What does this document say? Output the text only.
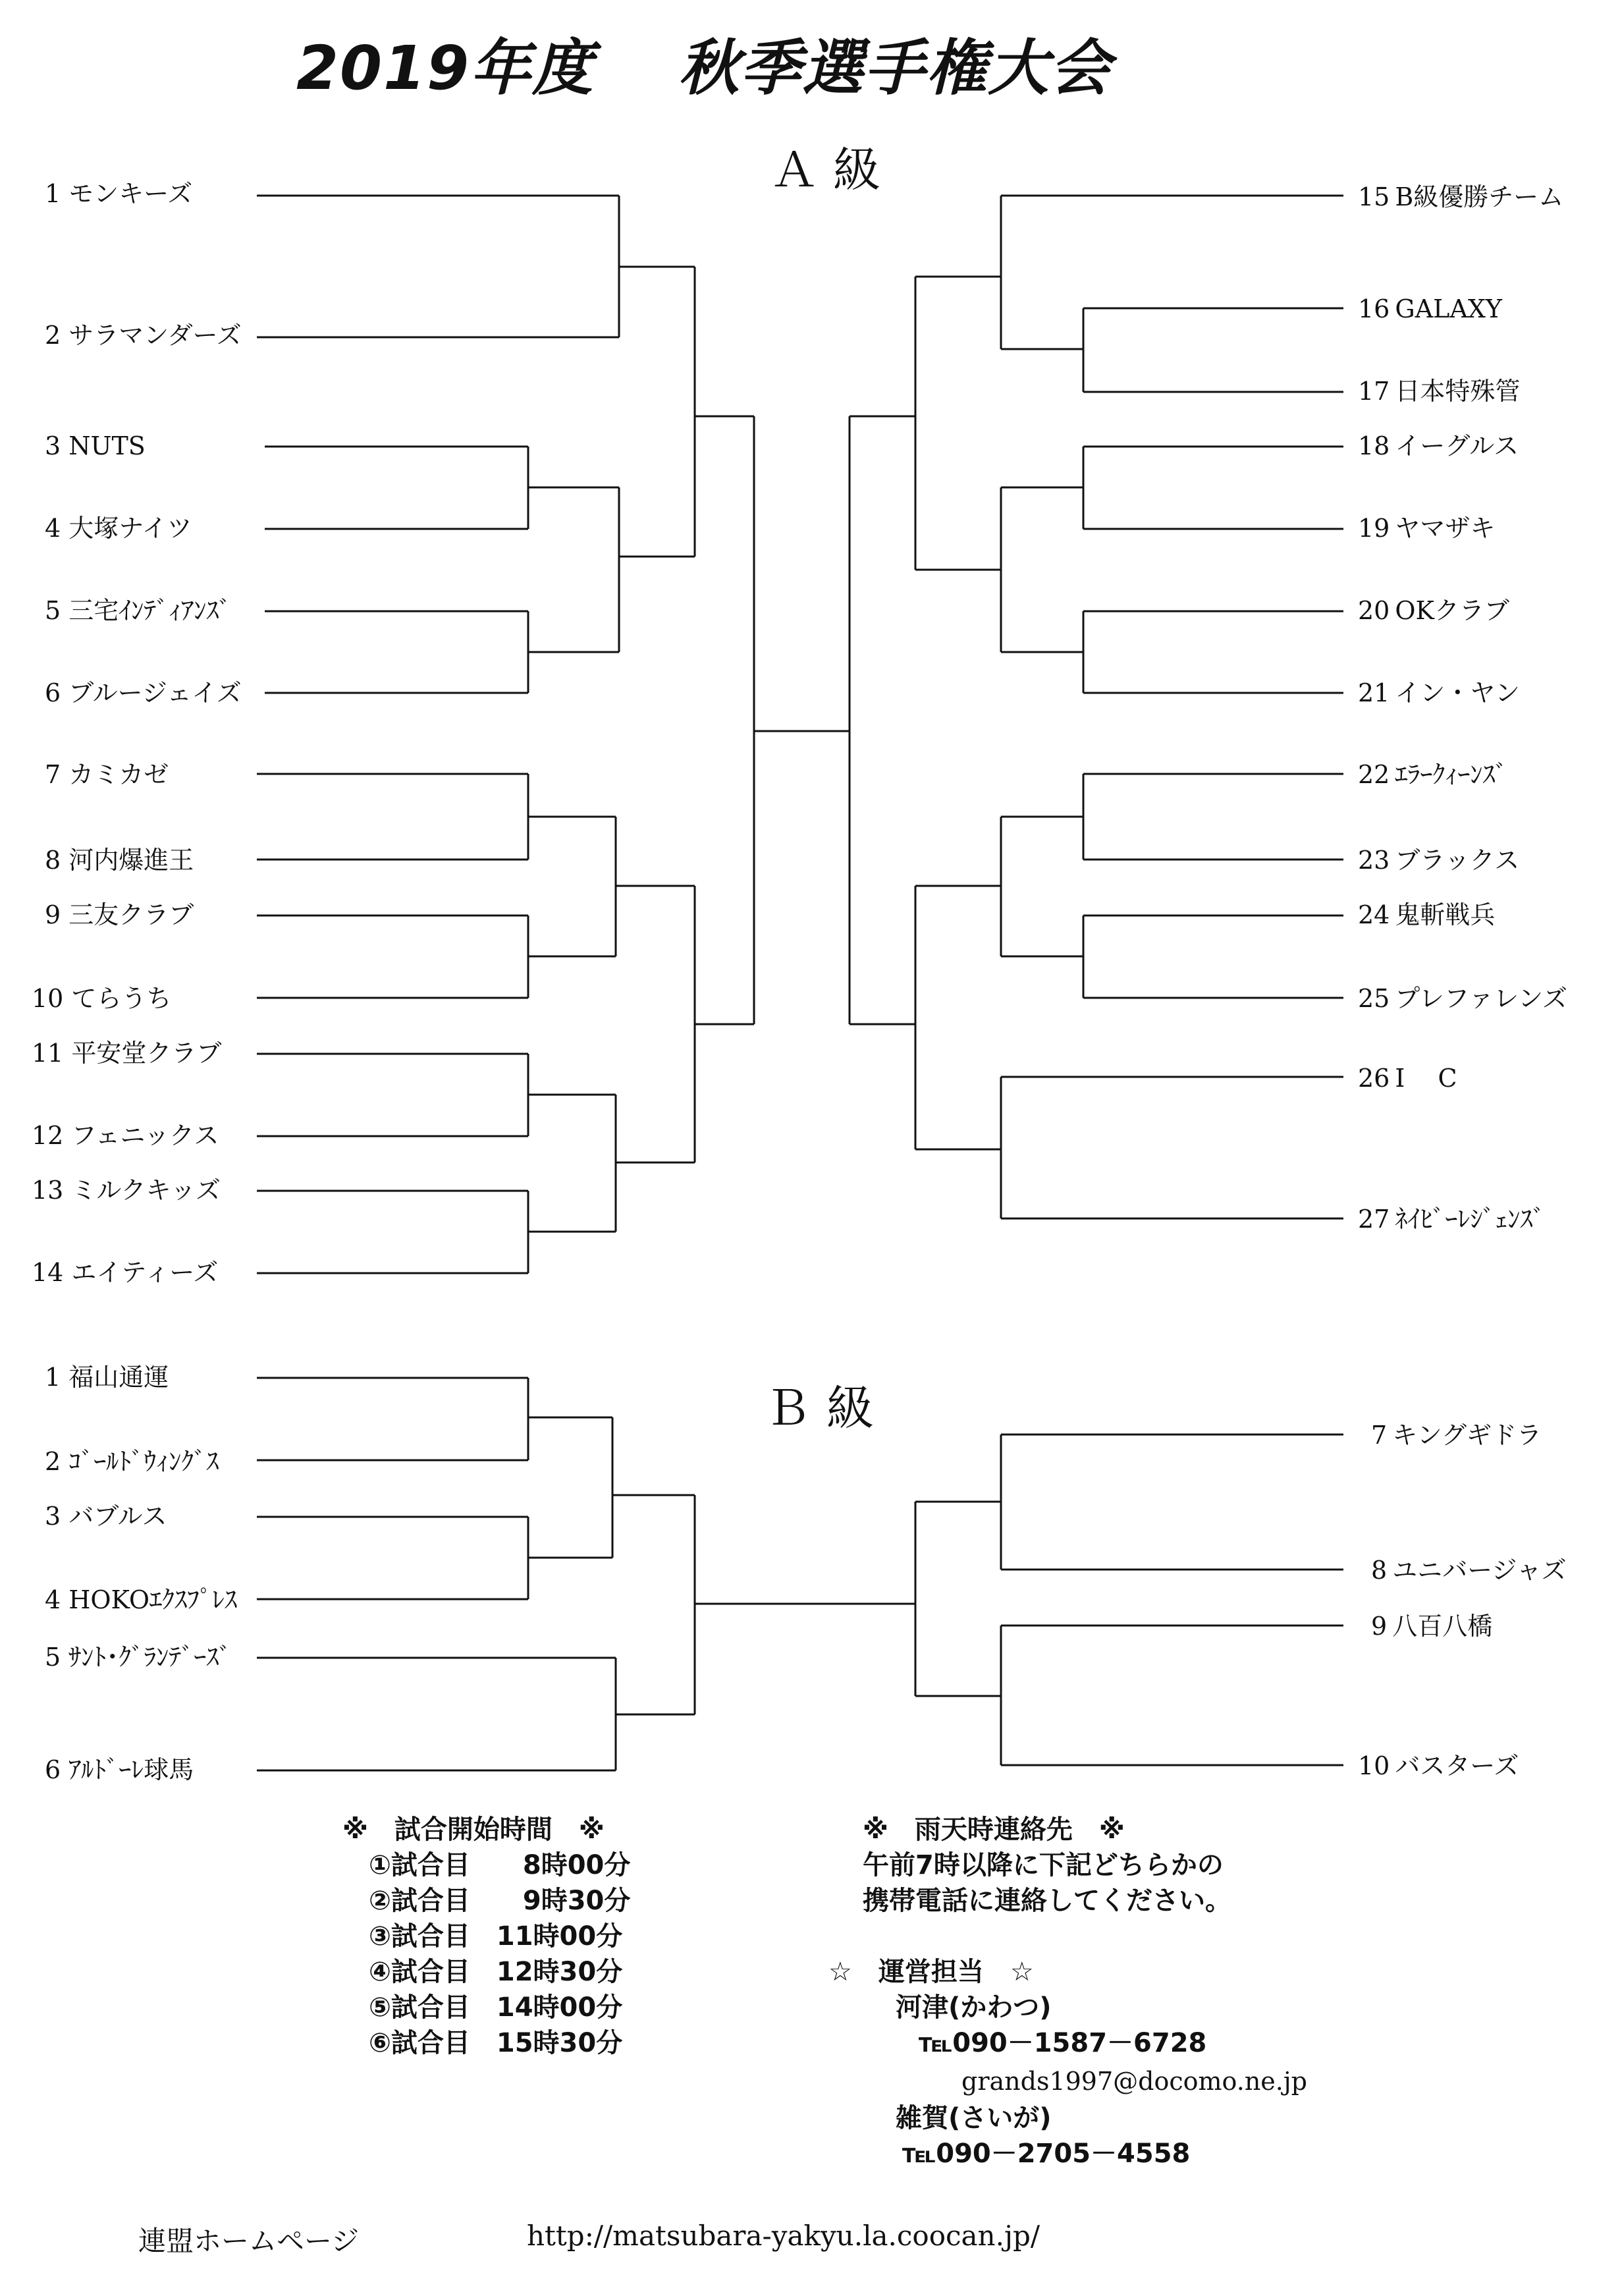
2019年度　 秋季選手権大会
Ａ 級
Ｂ 級
1 モンキーズ
2 サラマンダーズ
3 NUTS
4 大塚ナイツ
5 三宅ｲﾝﾃﾞｨｱﾝｽﾞ
6 ブルージェイズ
7 カミカゼ
8 河内爆進王
9 三友クラブ
10 てらうち
11 平安堂クラブ
12 フェニックス
13 ミルクキッズ
14 エイティーズ
15 B級優勝チーム
16 GALAXY
17 日本特殊管
18 イーグルス
19 ヤマザキ
20 OKクラブ
21 イン・ヤン
22 ｴﾗｰｸｨｰﾝｽﾞ
23 ブラックス
24 鬼斬戦兵
25 プレファレンズ
26 I　 C
27 ﾈｲﾋﾞｰﾚｼﾞｪﾝｽﾞ
1 福山通運
2 ｺﾞｰﾙﾄﾞｳｨﾝｸﾞｽ
3 バブルス
4 HOKOｴｸｽﾌﾟﾚｽ
5 ｻﾝﾄ･ｸﾞﾗﾝﾃﾞｰｽﾞ
6 ｱﾙﾄﾞｰﾚ球馬
7 キングギドラ
8 ユニバージャズ
9 八百八橋
10 バスターズ
※　試合開始時間　※
①試合目　　8時00分
②試合目　　9時30分
③試合目　11時00分
④試合目　12時30分
⑤試合目　14時00分
⑥試合目　15時30分
※　雨天時連絡先　※
午前7時以降に下記どちらかの
携帯電話に連絡してください。
☆　運営担当　☆
河津(かわつ)
℡090－1587－6728
grands1997@docomo.ne.jp
雑賀(さいが)
℡090－2705－4558
連盟ホームページ	http://matsubara-yakyu.la.coocan.jp/
